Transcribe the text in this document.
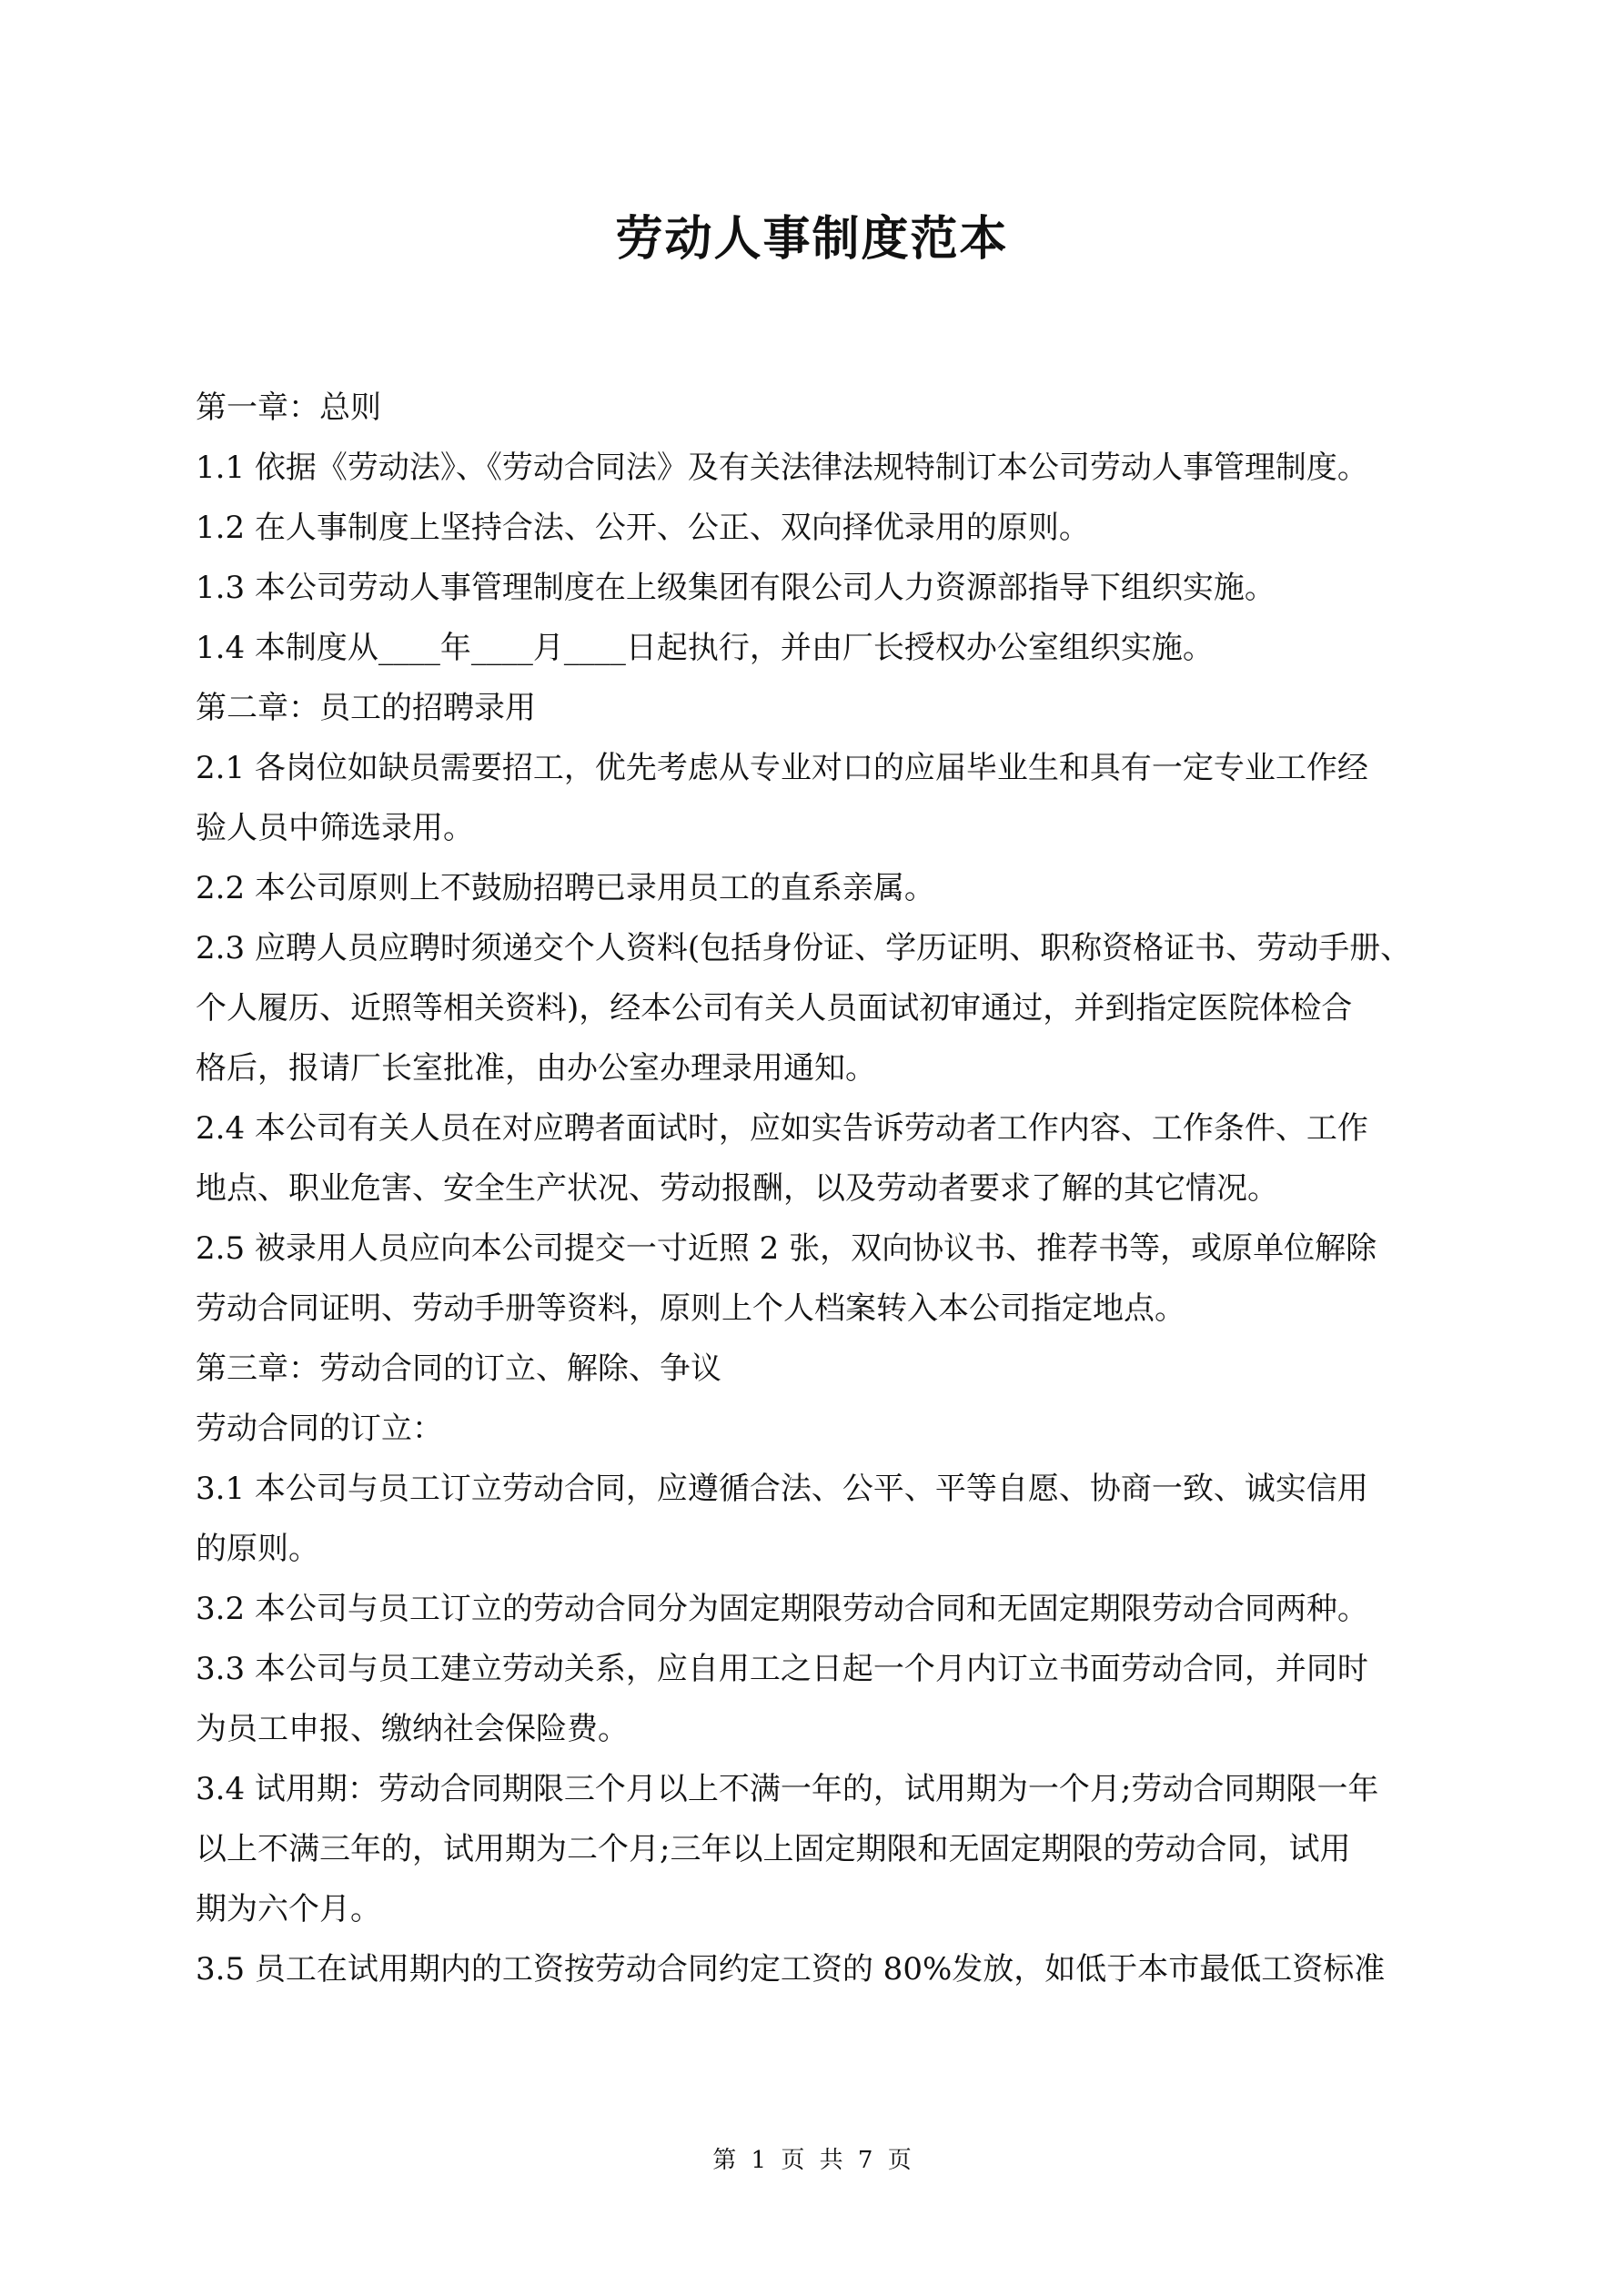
劳动人事制度范本
第一章：总则
1.1 依据《劳动法》、《劳动合同法》及有关法律法规特制订本公司劳动人事管理制度。
1.2 在人事制度上坚持合法、公开、公正、双向择优录用的原则。
1.3 本公司劳动人事管理制度在上级集团有限公司人力资源部指导下组织实施。
1.4 本制度从____年____月____日起执行，并由厂长授权办公室组织实施。
第二章：员工的招聘录用
2.1 各岗位如缺员需要招工，优先考虑从专业对口的应届毕业生和具有一定专业工作经
验人员中筛选录用。
2.2 本公司原则上不鼓励招聘已录用员工的直系亲属。
2.3 应聘人员应聘时须递交个人资料(包括身份证、学历证明、职称资格证书、劳动手册、
个人履历、近照等相关资料)，经本公司有关人员面试初审通过，并到指定医院体检合
格后，报请厂长室批准，由办公室办理录用通知。
2.4 本公司有关人员在对应聘者面试时，应如实告诉劳动者工作内容、工作条件、工作
地点、职业危害、安全生产状况、劳动报酬，以及劳动者要求了解的其它情况。
2.5 被录用人员应向本公司提交一寸近照 2 张，双向协议书、推荐书等，或原单位解除
劳动合同证明、劳动手册等资料，原则上个人档案转入本公司指定地点。
第三章：劳动合同的订立、解除、争议
劳动合同的订立：
3.1 本公司与员工订立劳动合同，应遵循合法、公平、平等自愿、协商一致、诚实信用
的原则。
3.2 本公司与员工订立的劳动合同分为固定期限劳动合同和无固定期限劳动合同两种。
3.3 本公司与员工建立劳动关系，应自用工之日起一个月内订立书面劳动合同，并同时
为员工申报、缴纳社会保险费。
3.4 试用期：劳动合同期限三个月以上不满一年的，试用期为一个月;劳动合同期限一年
以上不满三年的，试用期为二个月;三年以上固定期限和无固定期限的劳动合同，试用
期为六个月。
3.5 员工在试用期内的工资按劳动合同约定工资的 80%发放，如低于本市最低工资标准
第 1 页 共 7 页
